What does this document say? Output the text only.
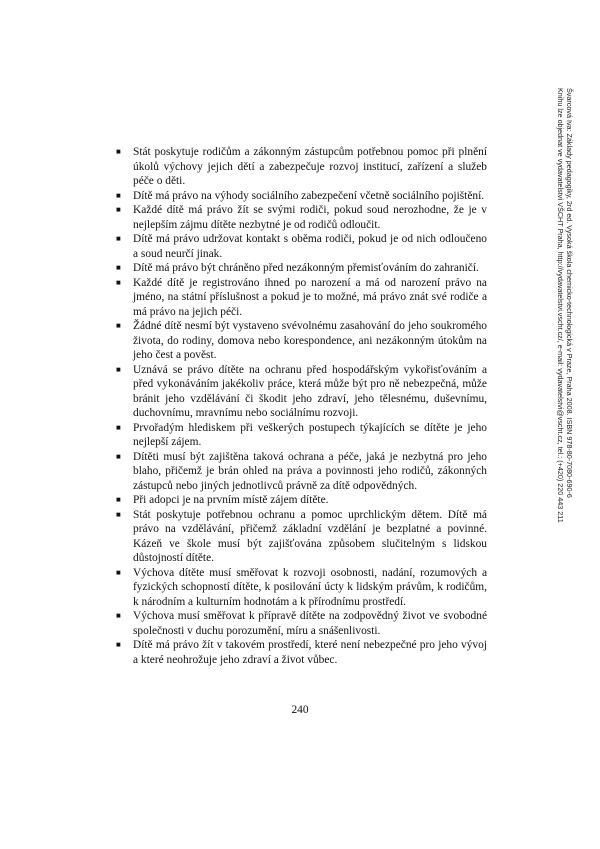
■	Stát poskytuje rodičům a zákonným zástupcům potřebnou pomoc při plnění úkolů výchovy jejich dětí a zabezpečuje rozvoj institucí, zařízení a služeb péče o děti.
■	Dítě má právo na výhody sociálního zabezpečení včetně sociálního pojištění.
■	Každé dítě má právo žít se svými rodiči, pokud soud nerozhodne, že je v nejlepším zájmu dítěte nezbytné je od rodičů odloučit.
■	Dítě má právo udržovat kontakt s oběma rodiči, pokud je od nich odloučeno a soud neurčí jinak.
■	Dítě má právo být chráněno před nezákonným přemisťováním do zahraničí.
■	Každé dítě je registrováno ihned po narození a má od narození právo na jméno, na státní příslušnost a pokud je to možné, má právo znát své rodiče a má právo na jejich péči.
■	Žádné dítě nesmí být vystaveno svévolnému zasahování do jeho soukromého života, do rodiny, domova nebo korespondence, ani nezákonným útokům na jeho čest a pověst.
■	Uznává se právo dítěte na ochranu před hospodářským vykořisťováním a před vykonáváním jakékoliv práce, která může být pro ně nebezpečná, může bránit jeho vzdělávání či škodit jeho zdraví, jeho tělesnému, duševnímu, duchovnímu, mravnímu nebo sociálnímu rozvoji.
■	Prvořadým hlediskem při veškerých postupech týkajících se dítěte je jeho nejlepší zájem.
■	Dítěti musí být zajištěna taková ochrana a péče, jaká je nezbytná pro jeho blaho, přičemž je brán ohled na práva a povinnosti jeho rodičů, zákonných zástupců nebo jiných jednotlivců právně za dítě odpovědných.
■	Při adopci je na prvním místě zájem dítěte.
■	Stát poskytuje potřebnou ochranu a pomoc uprchlickým dětem. Dítě má právo na vzdělávání, přičemž základní vzdělání je bezplatné a povinné. Kázeň ve škole musí být zajišťována způsobem slučitelným s lidskou důstojností dítěte.
■	Výchova dítěte musí směřovat k rozvoji osobnosti, nadání, rozumových a fyzických schopností dítěte, k posilování úcty k lidským právům, k rodičům, k národním a kulturním hodnotám a k přírodnímu prostředí.
■	Výchova musí směřovat k přípravě dítěte na zodpovědný život ve svobodné společnosti v duchu porozumění, míru a snášenlivosti.
■	Dítě má právo žít v takovém prostředí, které není nebezpečné pro jeho vývoj a které neohrožuje jeho zdraví a život vůbec.
240
Švarcová Iva: Základy pedagogiky, 2rd ed. Vysoká škola chemicko-technologická v Praze, Praha 2008. ISBN 978-80-7080-690-6
Knihu lze objednat ve vydavatelství VŠCHT Praha, http://vydavatelstvi.vscht.cz/, e-mail: vydavatelstvi@vscht.cz, tel.: (+420) 220 443 211
